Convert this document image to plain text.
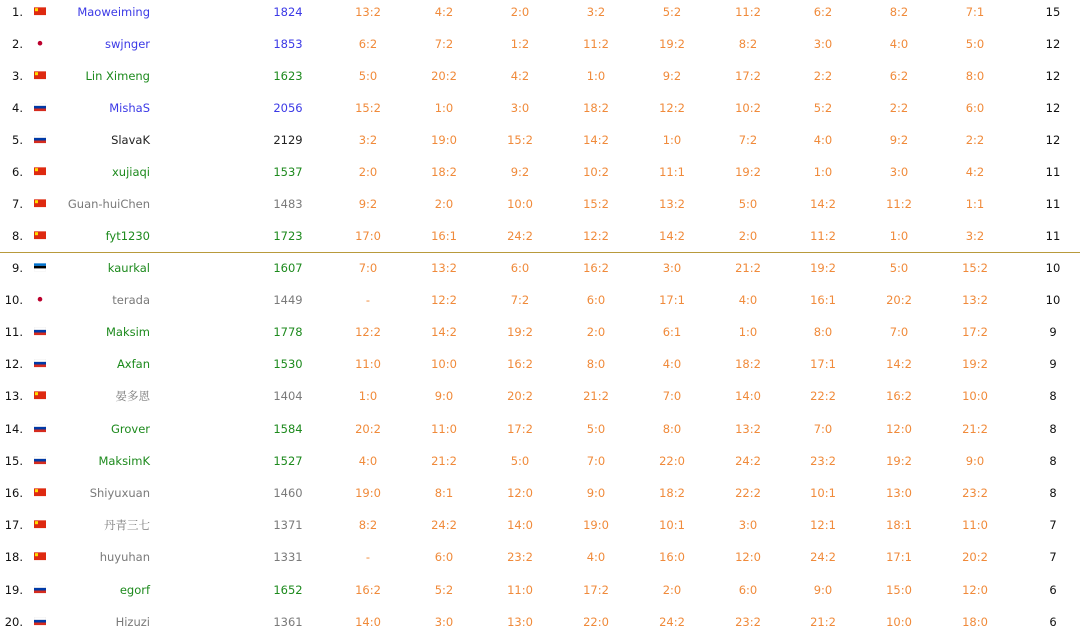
1.	Maoweiming	1824	13:2	4:2	2:0	3:2	5:2	11:2	6:2	8:2	7:1	15
2.	swjnger	1853	6:2	7:2	1:2	11:2	19:2	8:2	3:0	4:0	5:0	12
3.	Lin Ximeng	1623	5:0	20:2	4:2	1:0	9:2	17:2	2:2	6:2	8:0	12
4.	MishaS	2056	15:2	1:0	3:0	18:2	12:2	10:2	5:2	2:2	6:0	12
5.	SlavaK	2129	3:2	19:0	15:2	14:2	1:0	7:2	4:0	9:2	2:2	12
6.	xujiaqi	1537	2:0	18:2	9:2	10:2	11:1	19:2	1:0	3:0	4:2	11
7.	Guan-huiChen	1483	9:2	2:0	10:0	15:2	13:2	5:0	14:2	11:2	1:1	11
8.	fyt1230	1723	17:0	16:1	24:2	12:2	14:2	2:0	11:2	1:0	3:2	11
9.	kaurkal	1607	7:0	13:2	6:0	16:2	3:0	21:2	19:2	5:0	15:2	10
10.	terada	1449	-	12:2	7:2	6:0	17:1	4:0	16:1	20:2	13:2	10
11.	Maksim	1778	12:2	14:2	19:2	2:0	6:1	1:0	8:0	7:0	17:2	9
12.	Axfan	1530	11:0	10:0	16:2	8:0	4:0	18:2	17:1	14:2	19:2	9
13.	晏多恩	1404	1:0	9:0	20:2	21:2	7:0	14:0	22:2	16:2	10:0	8
14.	Grover	1584	20:2	11:0	17:2	5:0	8:0	13:2	7:0	12:0	21:2	8
15.	MaksimK	1527	4:0	21:2	5:0	7:0	22:0	24:2	23:2	19:2	9:0	8
16.	Shiyuxuan	1460	19:0	8:1	12:0	9:0	18:2	22:2	10:1	13:0	23:2	8
17.	丹青三七	1371	8:2	24:2	14:0	19:0	10:1	3:0	12:1	18:1	11:0	7
18.	huyuhan	1331	-	6:0	23:2	4:0	16:0	12:0	24:2	17:1	20:2	7
19.	egorf	1652	16:2	5:2	11:0	17:2	2:0	6:0	9:0	15:0	12:0	6
20.	Hizuzi	1361	14:0	3:0	13:0	22:0	24:2	23:2	21:2	10:0	18:0	6
